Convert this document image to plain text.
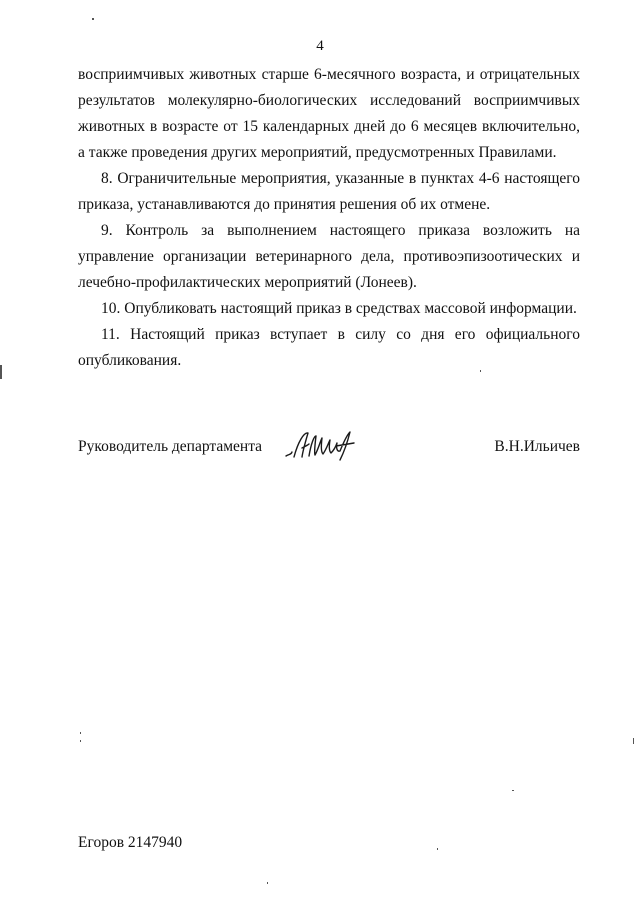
4

восприимчивых животных старше 6-месячного возраста, и отрицательных результатов молекулярно-биологических исследований восприимчивых животных в возрасте от 15 календарных дней до 6 месяцев включительно, а также проведения других мероприятий, предусмотренных Правилами.

8. Ограничительные мероприятия, указанные в пунктах 4-6 настоящего приказа, устанавливаются до принятия решения об их отмене.

9. Контроль за выполнением настоящего приказа возложить на управление организации ветеринарного дела, противоэпизоотических и лечебно-профилактических мероприятий (Лонеев).

10. Опубликовать настоящий приказ в средствах массовой информации.

11. Настоящий приказ вступает в силу со дня его официального опубликования.

Руководитель департамента	В.Н.Ильичев
Егоров 2147940
